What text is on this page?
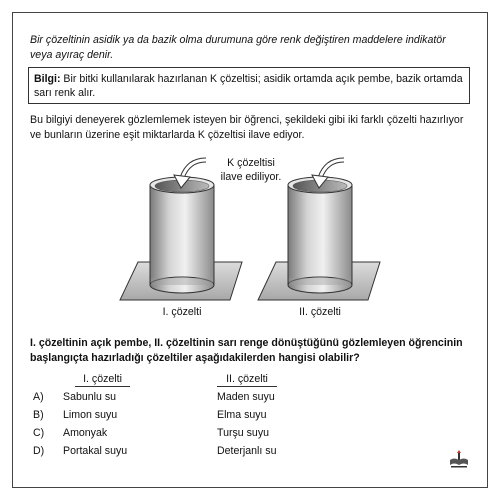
Bir çözeltinin asidik ya da bazik olma durumuna göre renk değiştiren maddelere indikatör veya ayıraç denir.

Bilgi: Bir bitki kullanılarak hazırlanan K çözeltisi; asidik ortamda açık pembe, bazik ortamda sarı renk alır.

Bu bilgiyi deneyerek gözlemlemek isteyen bir öğrenci, şekildeki gibi iki farklı çözelti hazırlıyor ve bunların üzerine eşit miktarlarda K çözeltisi ilave ediyor.

K çözeltisi
ilave ediliyor.
I. çözelti	II. çözelti

I. çözeltinin açık pembe, II. çözeltinin sarı renge dönüştüğünü gözlemleyen öğrencinin başlangıçta hazırladığı çözeltiler aşağıdakilerden hangisi olabilir?

I. çözelti	II. çözelti
A) Sabunlu su	Maden suyu
B) Limon suyu	Elma suyu
C) Amonyak	Turşu suyu
D) Portakal suyu	Deterjanlı su
